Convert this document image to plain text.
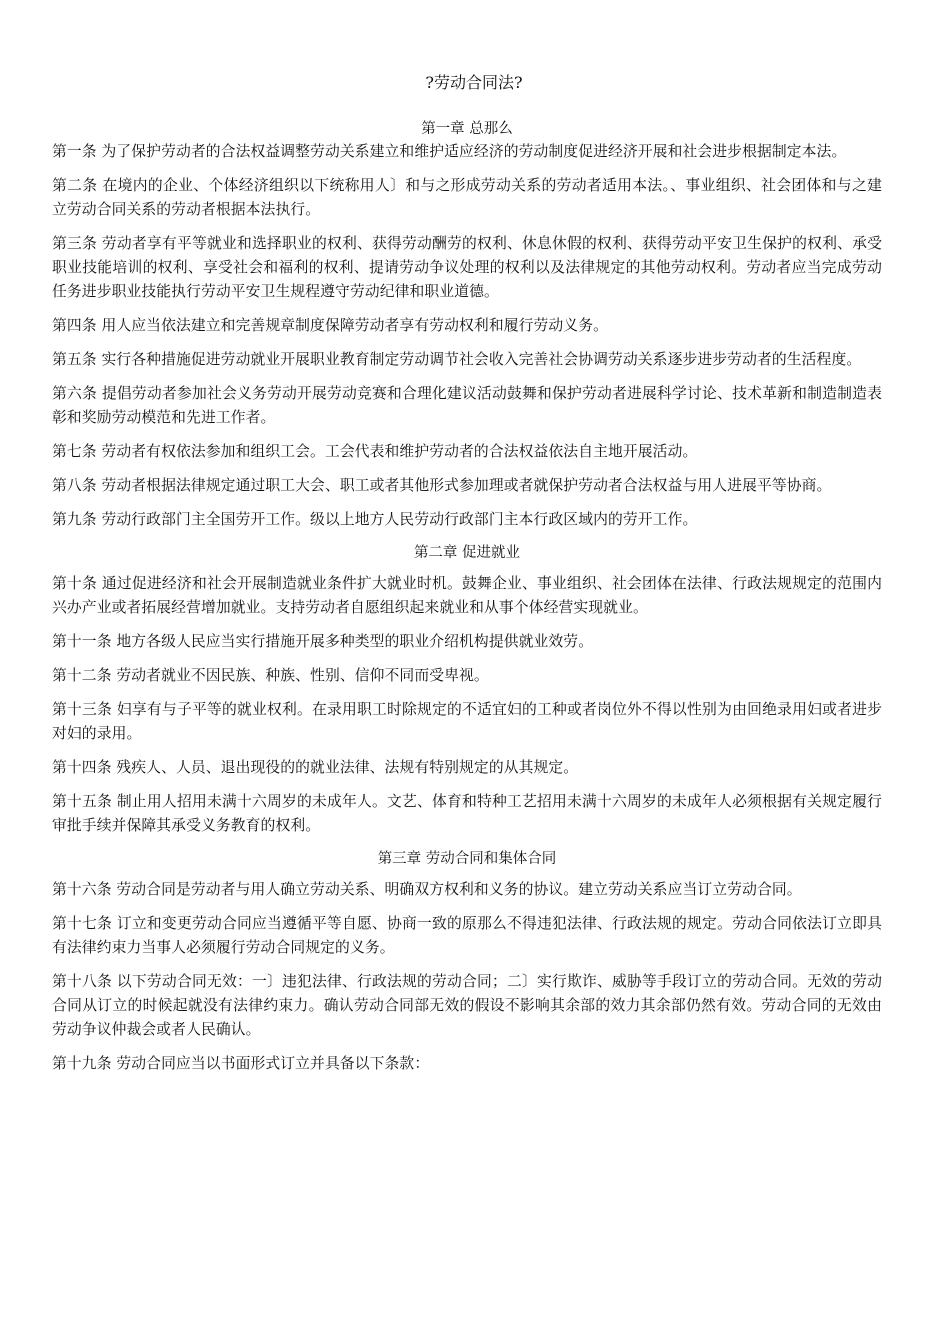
?劳动合同法?
第一章 总那么

第一条 为了保护劳动者的合法权益调整劳动关系建立和维护适应经济的劳动制度促进经济开展和社会进步根据制定本法。

第二条 在境内的企业、个体经济组织以下统称用人〕和与之形成劳动关系的劳动者适用本法。、事业组织、社会团体和与之建立劳动合同关系的劳动者根据本法执行。

第三条 劳动者享有平等就业和选择职业的权利、获得劳动酬劳的权利、休息休假的权利、获得劳动平安卫生保护的权利、承受职业技能培训的权利、享受社会和福利的权利、提请劳动争议处理的权利以及法律规定的其他劳动权利。劳动者应当完成劳动任务进步职业技能执行劳动平安卫生规程遵守劳动纪律和职业道德。

第四条 用人应当依法建立和完善规章制度保障劳动者享有劳动权利和履行劳动义务。

第五条 实行各种措施促进劳动就业开展职业教育制定劳动调节社会收入完善社会协调劳动关系逐步进步劳动者的生活程度。

第六条 提倡劳动者参加社会义务劳动开展劳动竞赛和合理化建议活动鼓舞和保护劳动者进展科学讨论、技术革新和制造制造表彰和奖励劳动模范和先进工作者。

第七条 劳动者有权依法参加和组织工会。工会代表和维护劳动者的合法权益依法自主地开展活动。

第八条 劳动者根据法律规定通过职工大会、职工或者其他形式参加理或者就保护劳动者合法权益与用人进展平等协商。

第九条 劳动行政部门主全国劳开工作。级以上地方人民劳动行政部门主本行政区域内的劳开工作。

第二章 促进就业

第十条 通过促进经济和社会开展制造就业条件扩大就业时机。鼓舞企业、事业组织、社会团体在法律、行政法规规定的范围内兴办产业或者拓展经营增加就业。支持劳动者自愿组织起来就业和从事个体经营实现就业。

第十一条 地方各级人民应当实行措施开展多种类型的职业介绍机构提供就业效劳。

第十二条 劳动者就业不因民族、种族、性别、信仰不同而受卑视。

第十三条 妇享有与子平等的就业权利。在录用职工时除规定的不适宜妇的工种或者岗位外不得以性别为由回绝录用妇或者进步对妇的录用。

第十四条 残疾人、人员、退出现役的的就业法律、法规有特别规定的从其规定。

第十五条 制止用人招用未满十六周岁的未成年人。文艺、体育和特种工艺招用未满十六周岁的未成年人必须根据有关规定履行审批手续并保障其承受义务教育的权利。

第三章 劳动合同和集体合同

第十六条 劳动合同是劳动者与用人确立劳动关系、明确双方权利和义务的协议。建立劳动关系应当订立劳动合同。

第十七条 订立和变更劳动合同应当遵循平等自愿、协商一致的原那么不得违犯法律、行政法规的规定。劳动合同依法订立即具有法律约束力当事人必须履行劳动合同规定的义务。

第十八条 以下劳动合同无效：一〕违犯法律、行政法规的劳动合同；二〕实行欺诈、威胁等手段订立的劳动合同。无效的劳动合同从订立的时候起就没有法律约束力。确认劳动合同部无效的假设不影响其余部的效力其余部仍然有效。劳动合同的无效由劳动争议仲裁会或者人民确认。

第十九条 劳动合同应当以书面形式订立并具备以下条款：
